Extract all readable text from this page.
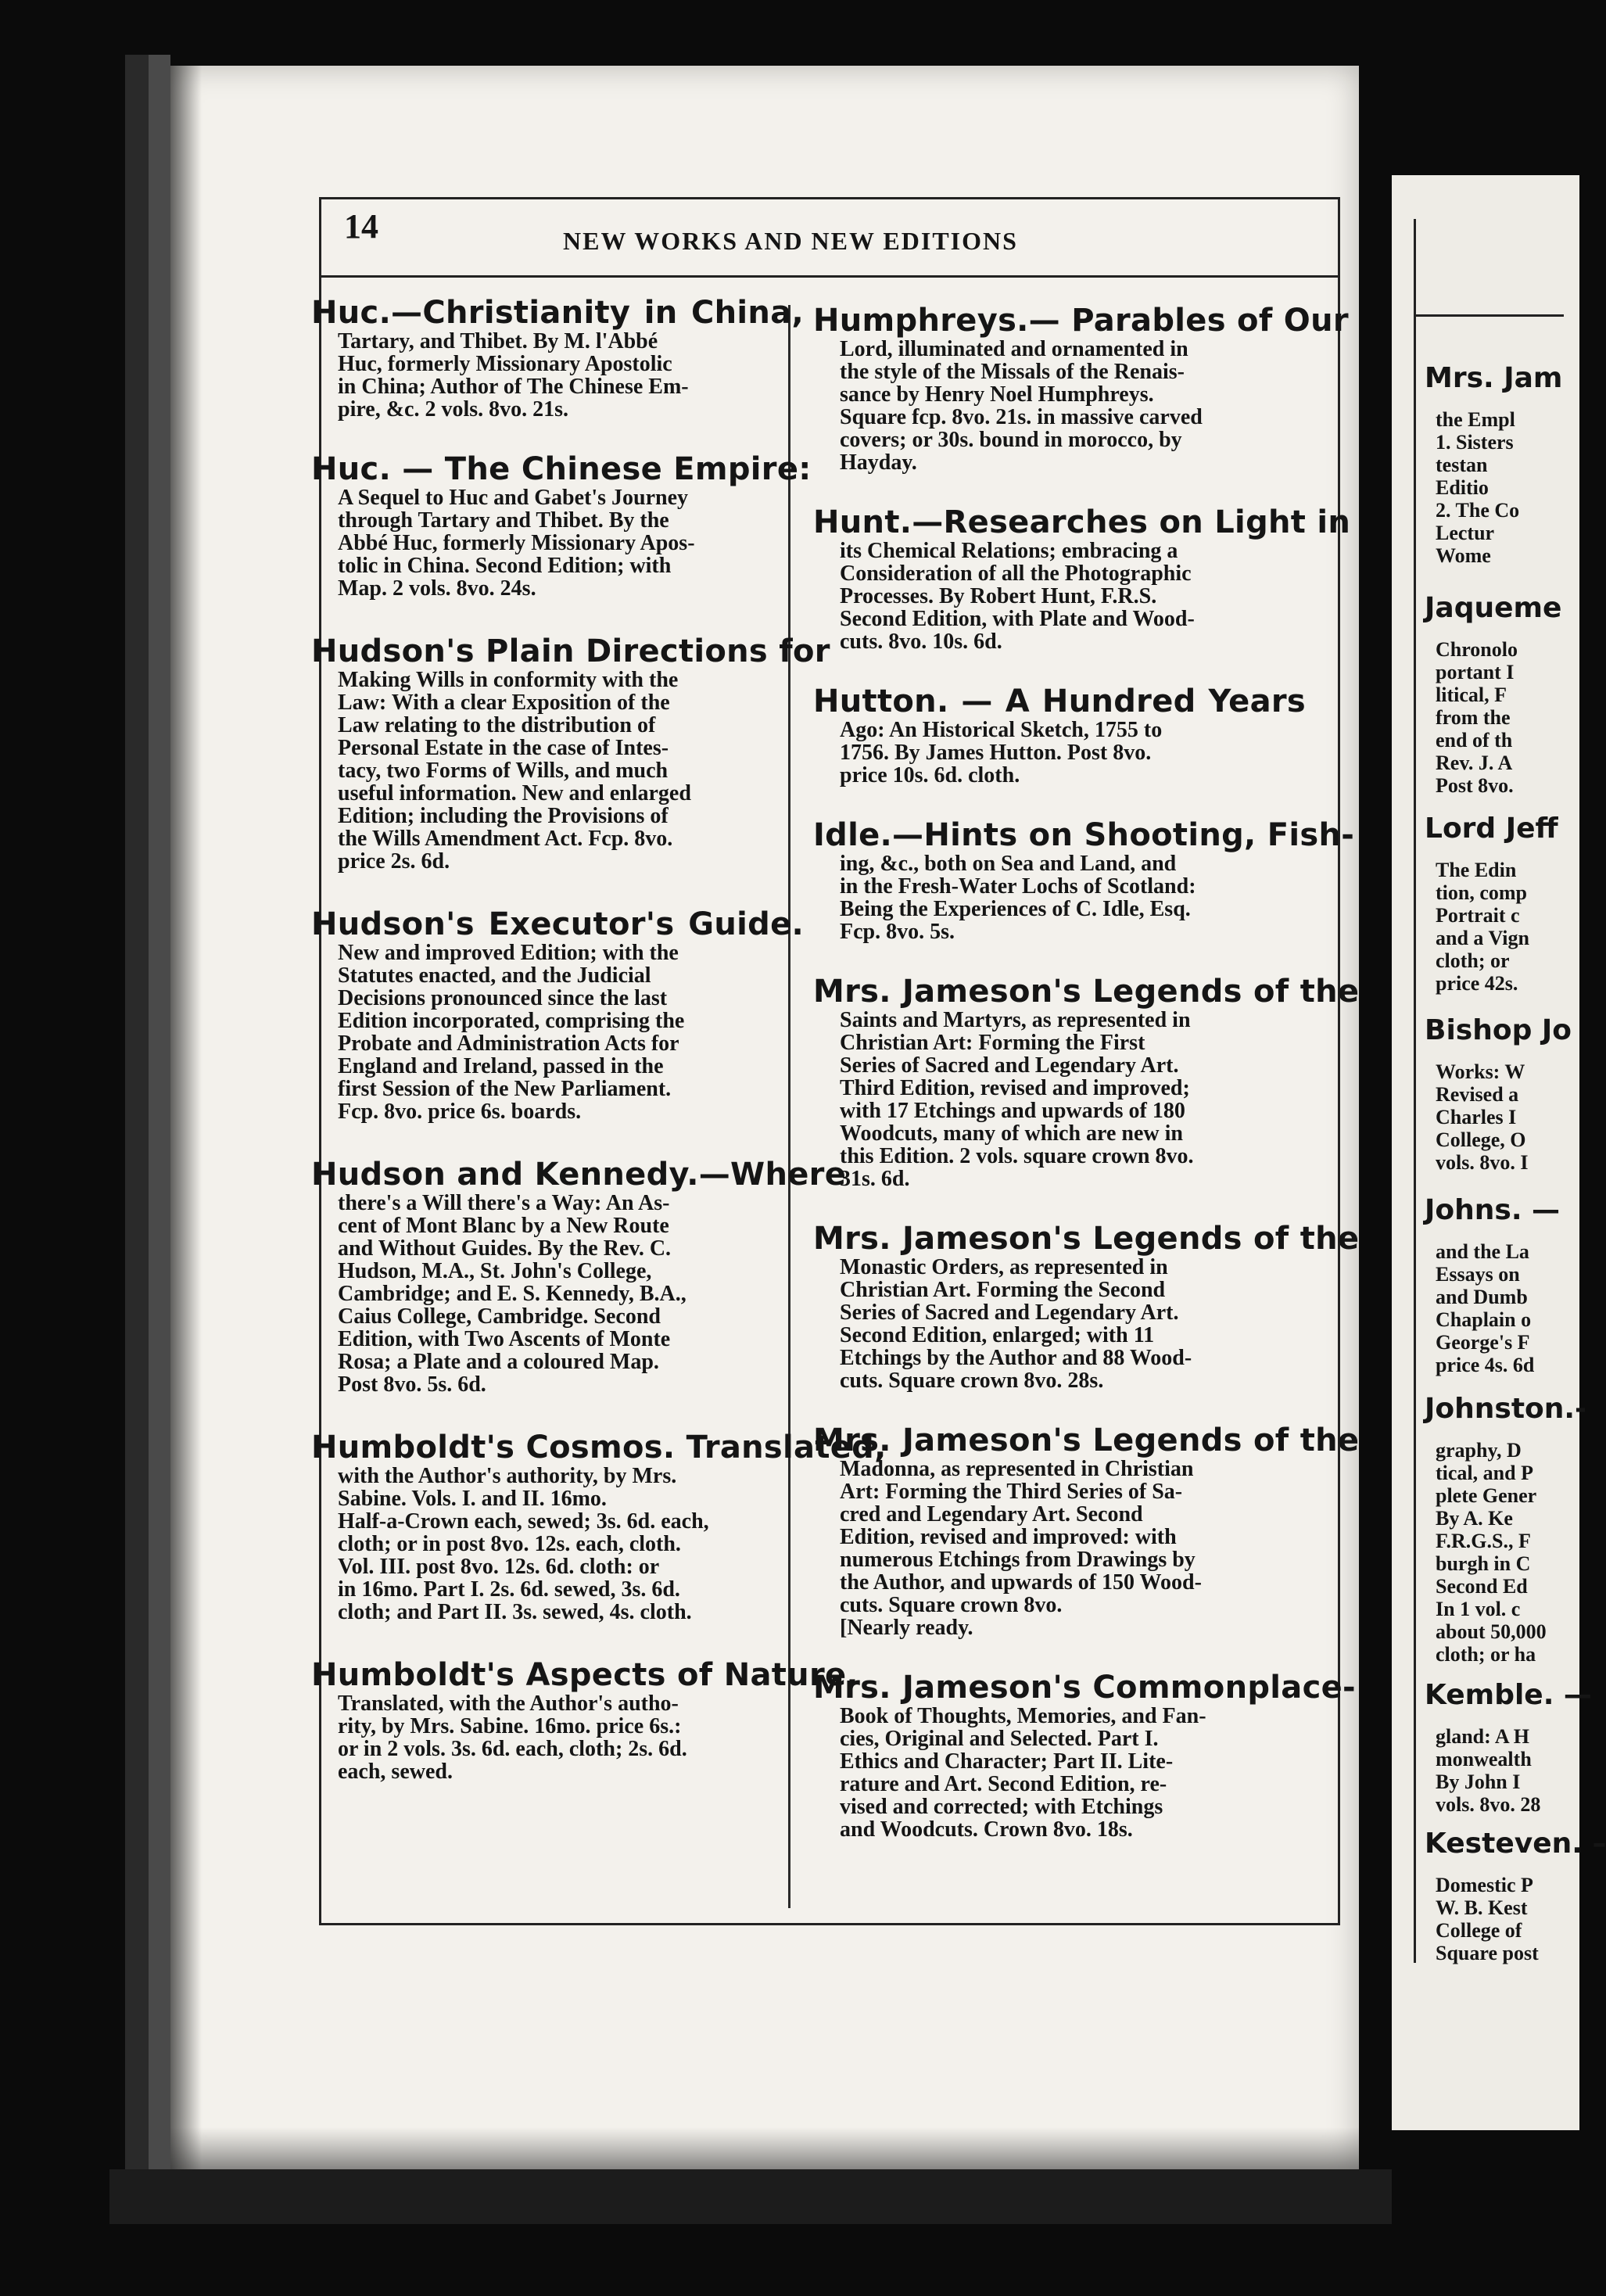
14	NEW WORKS AND NEW EDITIONS

Huc.—Christianity in China,

Tartary, and Thibet. By M. l'Abbé
Huc, formerly Missionary Apostolic
in China; Author of The Chinese Em-
pire, &c. 2 vols. 8vo. 21s.

Huc. — The Chinese Empire:

A Sequel to Huc and Gabet's Journey
through Tartary and Thibet. By the
Abbé Huc, formerly Missionary Apos-
tolic in China. Second Edition; with
Map. 2 vols. 8vo. 24s.

Hudson's Plain Directions for

Making Wills in conformity with the
Law: With a clear Exposition of the
Law relating to the distribution of
Personal Estate in the case of Intes-
tacy, two Forms of Wills, and much
useful information. New and enlarged
Edition; including the Provisions of
the Wills Amendment Act. Fcp. 8vo.
price 2s. 6d.

Hudson's Executor's Guide.

New and improved Edition; with the
Statutes enacted, and the Judicial
Decisions pronounced since the last
Edition incorporated, comprising the
Probate and Administration Acts for
England and Ireland, passed in the
first Session of the New Parliament.
Fcp. 8vo. price 6s. boards.

Hudson and Kennedy.—Where

there's a Will there's a Way: An As-
cent of Mont Blanc by a New Route
and Without Guides. By the Rev. C.
Hudson, M.A., St. John's College,
Cambridge; and E. S. Kennedy, B.A.,
Caius College, Cambridge. Second
Edition, with Two Ascents of Monte
Rosa; a Plate and a coloured Map.
Post 8vo. 5s. 6d.

Humboldt's Cosmos. Translated,

with the Author's authority, by Mrs.
Sabine. Vols. I. and II. 16mo.
Half-a-Crown each, sewed; 3s. 6d. each,
cloth; or in post 8vo. 12s. each, cloth.
Vol. III. post 8vo. 12s. 6d. cloth: or
in 16mo. Part I. 2s. 6d. sewed, 3s. 6d.
cloth; and Part II. 3s. sewed, 4s. cloth.

Humboldt's Aspects of Nature.

Translated, with the Author's autho-
rity, by Mrs. Sabine. 16mo. price 6s.:
or in 2 vols. 3s. 6d. each, cloth; 2s. 6d.
each, sewed.

Humphreys.— Parables of Our

Lord, illuminated and ornamented in
the style of the Missals of the Renais-
sance by Henry Noel Humphreys.
Square fcp. 8vo. 21s. in massive carved
covers; or 30s. bound in morocco, by
Hayday.

Hunt.—Researches on Light in

its Chemical Relations; embracing a
Consideration of all the Photographic
Processes. By Robert Hunt, F.R.S.
Second Edition, with Plate and Wood-
cuts. 8vo. 10s. 6d.

Hutton. — A Hundred Years

Ago: An Historical Sketch, 1755 to
1756. By James Hutton. Post 8vo.
price 10s. 6d. cloth.

Idle.—Hints on Shooting, Fish-

ing, &c., both on Sea and Land, and
in the Fresh-Water Lochs of Scotland:
Being the Experiences of C. Idle, Esq.
Fcp. 8vo. 5s.

Mrs. Jameson's Legends of the

Saints and Martyrs, as represented in
Christian Art: Forming the First
Series of Sacred and Legendary Art.
Third Edition, revised and improved;
with 17 Etchings and upwards of 180
Woodcuts, many of which are new in
this Edition. 2 vols. square crown 8vo.
31s. 6d.

Mrs. Jameson's Legends of the

Monastic Orders, as represented in
Christian Art. Forming the Second
Series of Sacred and Legendary Art.
Second Edition, enlarged; with 11
Etchings by the Author and 88 Wood-
cuts. Square crown 8vo. 28s.

Mrs. Jameson's Legends of the

Madonna, as represented in Christian
Art: Forming the Third Series of Sa-
cred and Legendary Art. Second
Edition, revised and improved: with
numerous Etchings from Drawings by
the Author, and upwards of 150 Wood-
cuts. Square crown 8vo.
[Nearly ready.

Mrs. Jameson's Commonplace-

Book of Thoughts, Memories, and Fan-
cies, Original and Selected. Part I.
Ethics and Character; Part II. Lite-
rature and Art. Second Edition, re-
vised and corrected; with Etchings
and Woodcuts. Crown 8vo. 18s.

Mrs. Jam

the Empl
1. Sisters
testan
Editio
2. The Co
Lectur
Wome

Jaqueme

Chronolo
portant I
litical, F
from the
end of th
Rev. J. A
Post 8vo.

Lord Jeff

The Edin
tion, comp
Portrait c
and a Vign
cloth; or
price 42s.

Bishop Jo

Works: W
Revised a
Charles I
College, O
vols. 8vo. I

Johns. —

and the La
Essays on
and Dumb
Chaplain o
George's F
price 4s. 6d

Johnston.-

graphy, D
tical, and P
plete Gener
By A. Ke
F.R.G.S., F
burgh in C
Second Ed
In 1 vol. c
about 50,000
cloth; or ha

Kemble. —

gland: A H
monwealth
By John I
vols. 8vo. 28

Kesteven. –

Domestic P
W. B. Kest
College of
Square post
